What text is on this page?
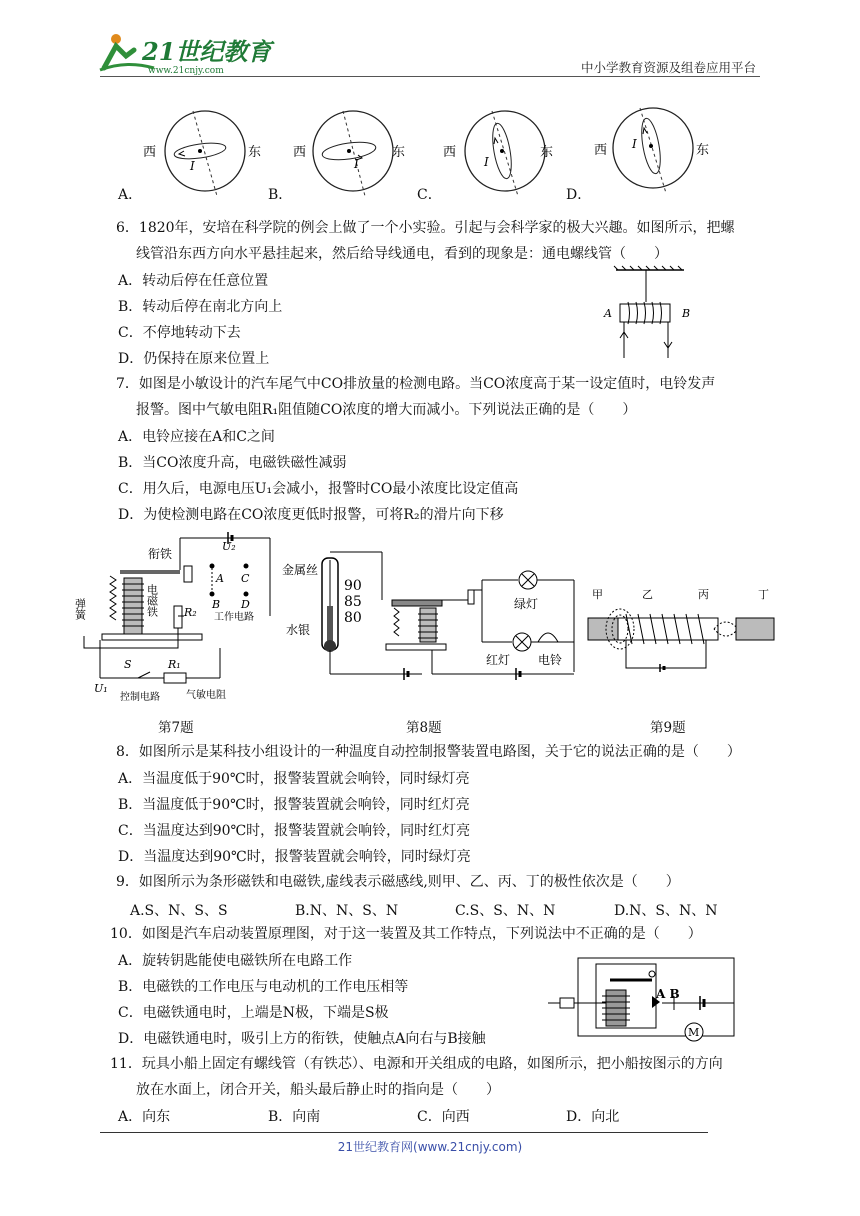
21世纪教育
www.21cnjy.com	中小学教育资源及组卷应用平台
西	东
I
西	东
I
西	东
I
西	东
I
A．	B．	C．	D．
6．1820年，安培在科学院的例会上做了一个小实验。引起与会科学家的极大兴趣。如图所示，把螺
线管沿东西方向水平悬挂起来，然后给导线通电，看到的现象是：通电螺线管（　　）
A．转动后停在任意位置
B．转动后停在南北方向上
C．不停地转动下去
D．仍保持在原来位置上
A	B
7．如图是小敏设计的汽车尾气中CO排放量的检测电路。当CO浓度高于某一设定值时，电铃发声
报警。图中气敏电阻R₁阻值随CO浓度的增大而减小。下列说法正确的是（　　）
A．电铃应接在A和C之间
B．当CO浓度升高，电磁铁磁性减弱
C．用久后，电源电压U₁会减小，报警时CO最小浓度比设定值高
D．为使检测电路在CO浓度更低时报警，可将R₂的滑片向下移
衔铁
弹簧	电磁铁
U₂
A C
B D
R₂ 工作电路
S	R₁
U₁
控制电路	气敏电阻
金属丝
水银
90
85
80
绿灯
红灯 电铃
甲	乙	丙	丁
第7题	第8题	第9题
8．如图所示是某科技小组设计的一种温度自动控制报警装置电路图，关于它的说法正确的是（　　）
A．当温度低于90℃时，报警装置就会响铃，同时绿灯亮
B．当温度低于90℃时，报警装置就会响铃，同时红灯亮
C．当温度达到90℃时，报警装置就会响铃，同时红灯亮
D．当温度达到90℃时，报警装置就会响铃，同时绿灯亮
9．如图所示为条形磁铁和电磁铁,虚线表示磁感线,则甲、乙、丙、丁的极性依次是（　　）
A.S、N、S、S	B.N、N、S、N	C.S、S、N、N	D.N、S、N、N
10．如图是汽车启动装置原理图，对于这一装置及其工作特点，下列说法中不正确的是（　　）
A．旋转钥匙能使电磁铁所在电路工作
B．电磁铁的工作电压与电动机的工作电压相等
C．电磁铁通电时，上端是N极，下端是S极
D．电磁铁通电时，吸引上方的衔铁，使触点A向右与B接触	M
A B
11．玩具小船上固定有螺线管（有铁芯）、电源和开关组成的电路，如图所示，把小船按图示的方向
放在水面上，闭合开关，船头最后静止时的指向是（　　）
A．向东	B．向南	C．向西	D．向北
21世纪教育网(www.21cnjy.com)
